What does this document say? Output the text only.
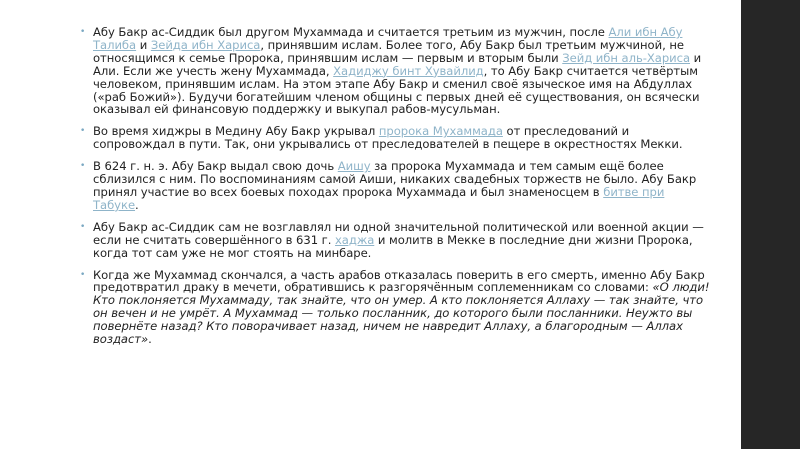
• Абу Бакр ас-Сиддик был другом Мухаммада и считается третьим из мужчин, после Али ибн Абу Талиба и Зейда ибн Хариса, принявшим ислам. Более того, Абу Бакр был третьим мужчиной, не относящимся к семье Пророка, принявшим ислам — первым и вторым были Зейд ибн аль-Хариса и Али. Если же учесть жену Мухаммада, Хадиджу бинт Хувайлид, то Абу Бакр считается четвёртым человеком, принявшим ислам. На этом этапе Абу Бакр и сменил своё языческое имя на Абдуллах («раб Божий»). Будучи богатейшим членом общины с первых дней её существования, он всячески оказывал ей финансовую поддержку и выкупал рабов-мусульман.
• Во время хиджры в Медину Абу Бакр укрывал пророка Мухаммада от преследований и сопровождал в пути. Так, они укрывались от преследователей в пещере в окрестностях Мекки.
• В 624 г. н. э. Абу Бакр выдал свою дочь Аишу за пророка Мухаммада и тем самым ещё более сблизился с ним. По воспоминаниям самой Аиши, никаких свадебных торжеств не было. Абу Бакр принял участие во всех боевых походах пророка Мухаммада и был знаменосцем в битве при Табуке.
• Абу Бакр ас-Сиддик сам не возглавлял ни одной значительной политической или военной акции — если не считать совершённого в 631 г. хаджа и молитв в Мекке в последние дни жизни Пророка, когда тот сам уже не мог стоять на минбаре.
• Когда же Мухаммад скончался, а часть арабов отказалась поверить в его смерть, именно Абу Бакр предотвратил драку в мечети, обратившись к разгорячённым соплеменникам со словами: «О люди! Кто поклоняется Мухаммаду, так знайте, что он умер. А кто поклоняется Аллаху — так знайте, что он вечен и не умрёт. А Мухаммад — только посланник, до которого были посланники. Неужто вы повернёте назад? Кто поворачивает назад, ничем не навредит Аллаху, а благородным — Аллах воздаст».
